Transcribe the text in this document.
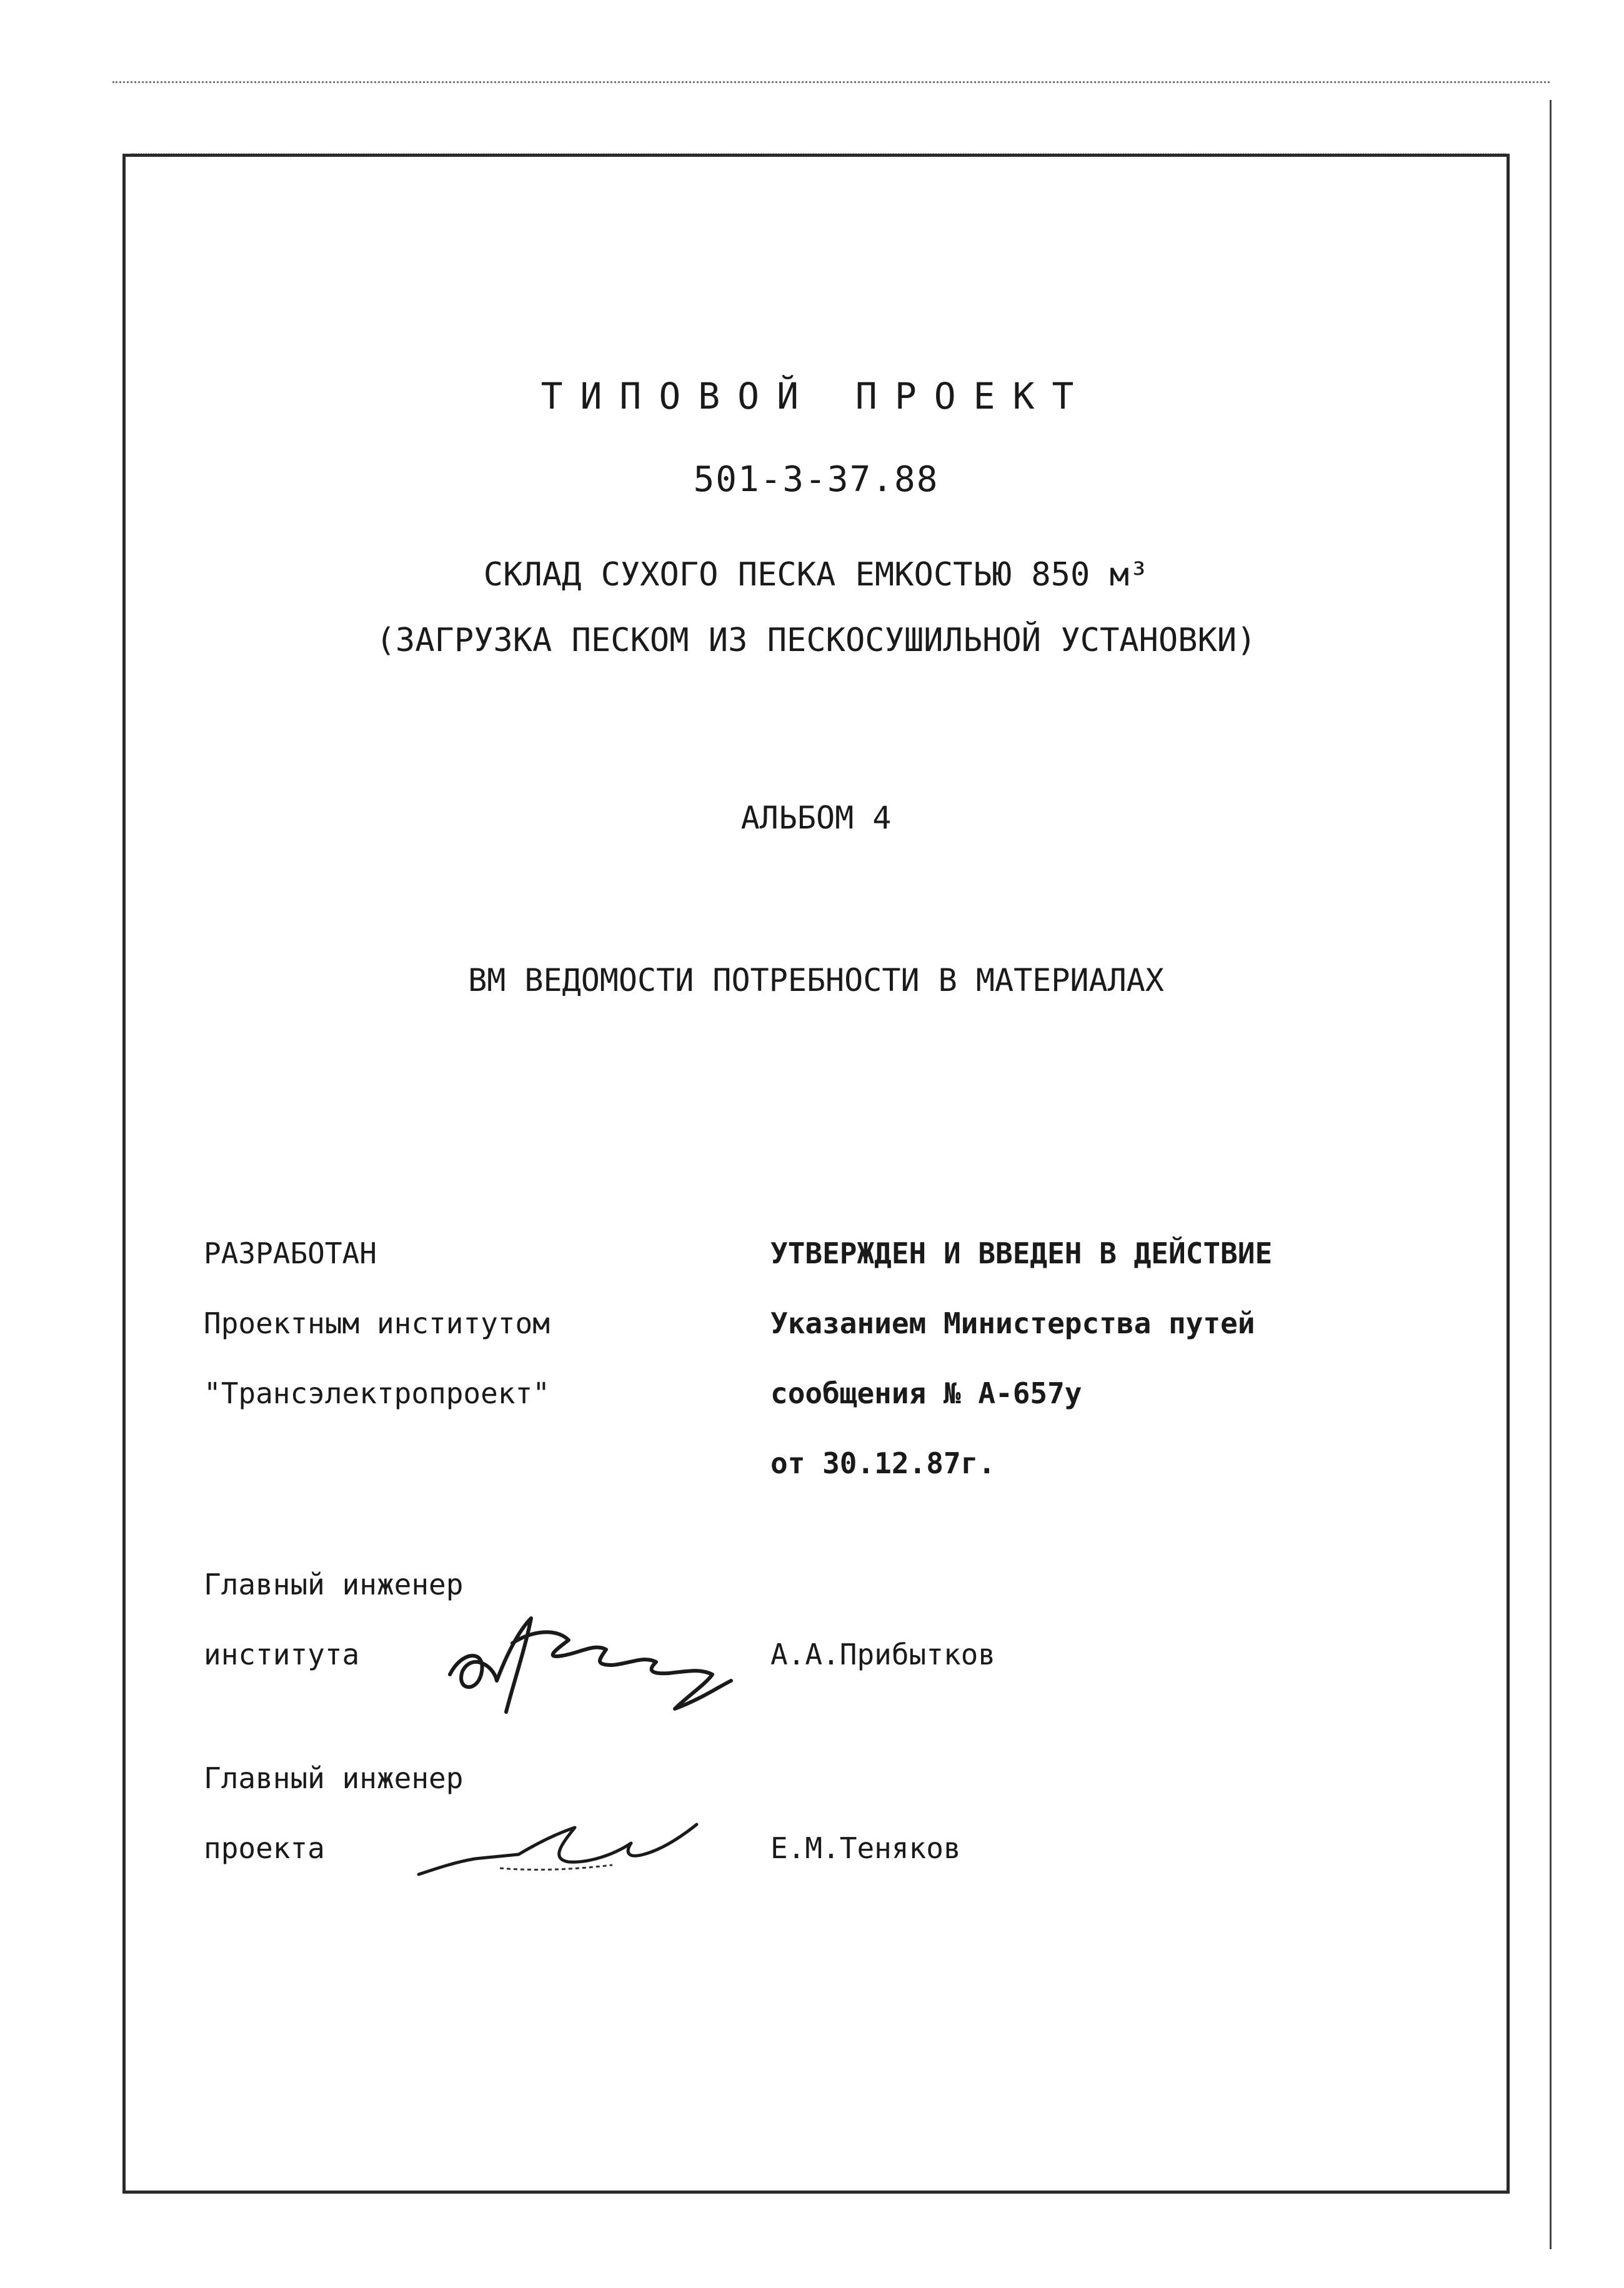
ТИПОВОЙ ПРОЕКТ
501-3-37.88
СКЛАД СУХОГО ПЕСКА ЕМКОСТЬЮ 850 м³
(ЗАГРУЗКА ПЕСКОМ ИЗ ПЕСКОСУШИЛЬНОЙ УСТАНОВКИ)
АЛЬБОМ 4
ВМ ВЕДОМОСТИ ПОТРЕБНОСТИ В МАТЕРИАЛАХ
РАЗРАБОТАН
Проектным институтом
"Трансэлектропроект"
УТВЕРЖДЕН И ВВЕДЕН В ДЕЙСТВИЕ
Указанием Министерства путей
сообщения № А-657у
от 30.12.87г.
Главный инженер
института	А.А.Прибытков
Главный инженер
проекта	Е.М.Теняков
